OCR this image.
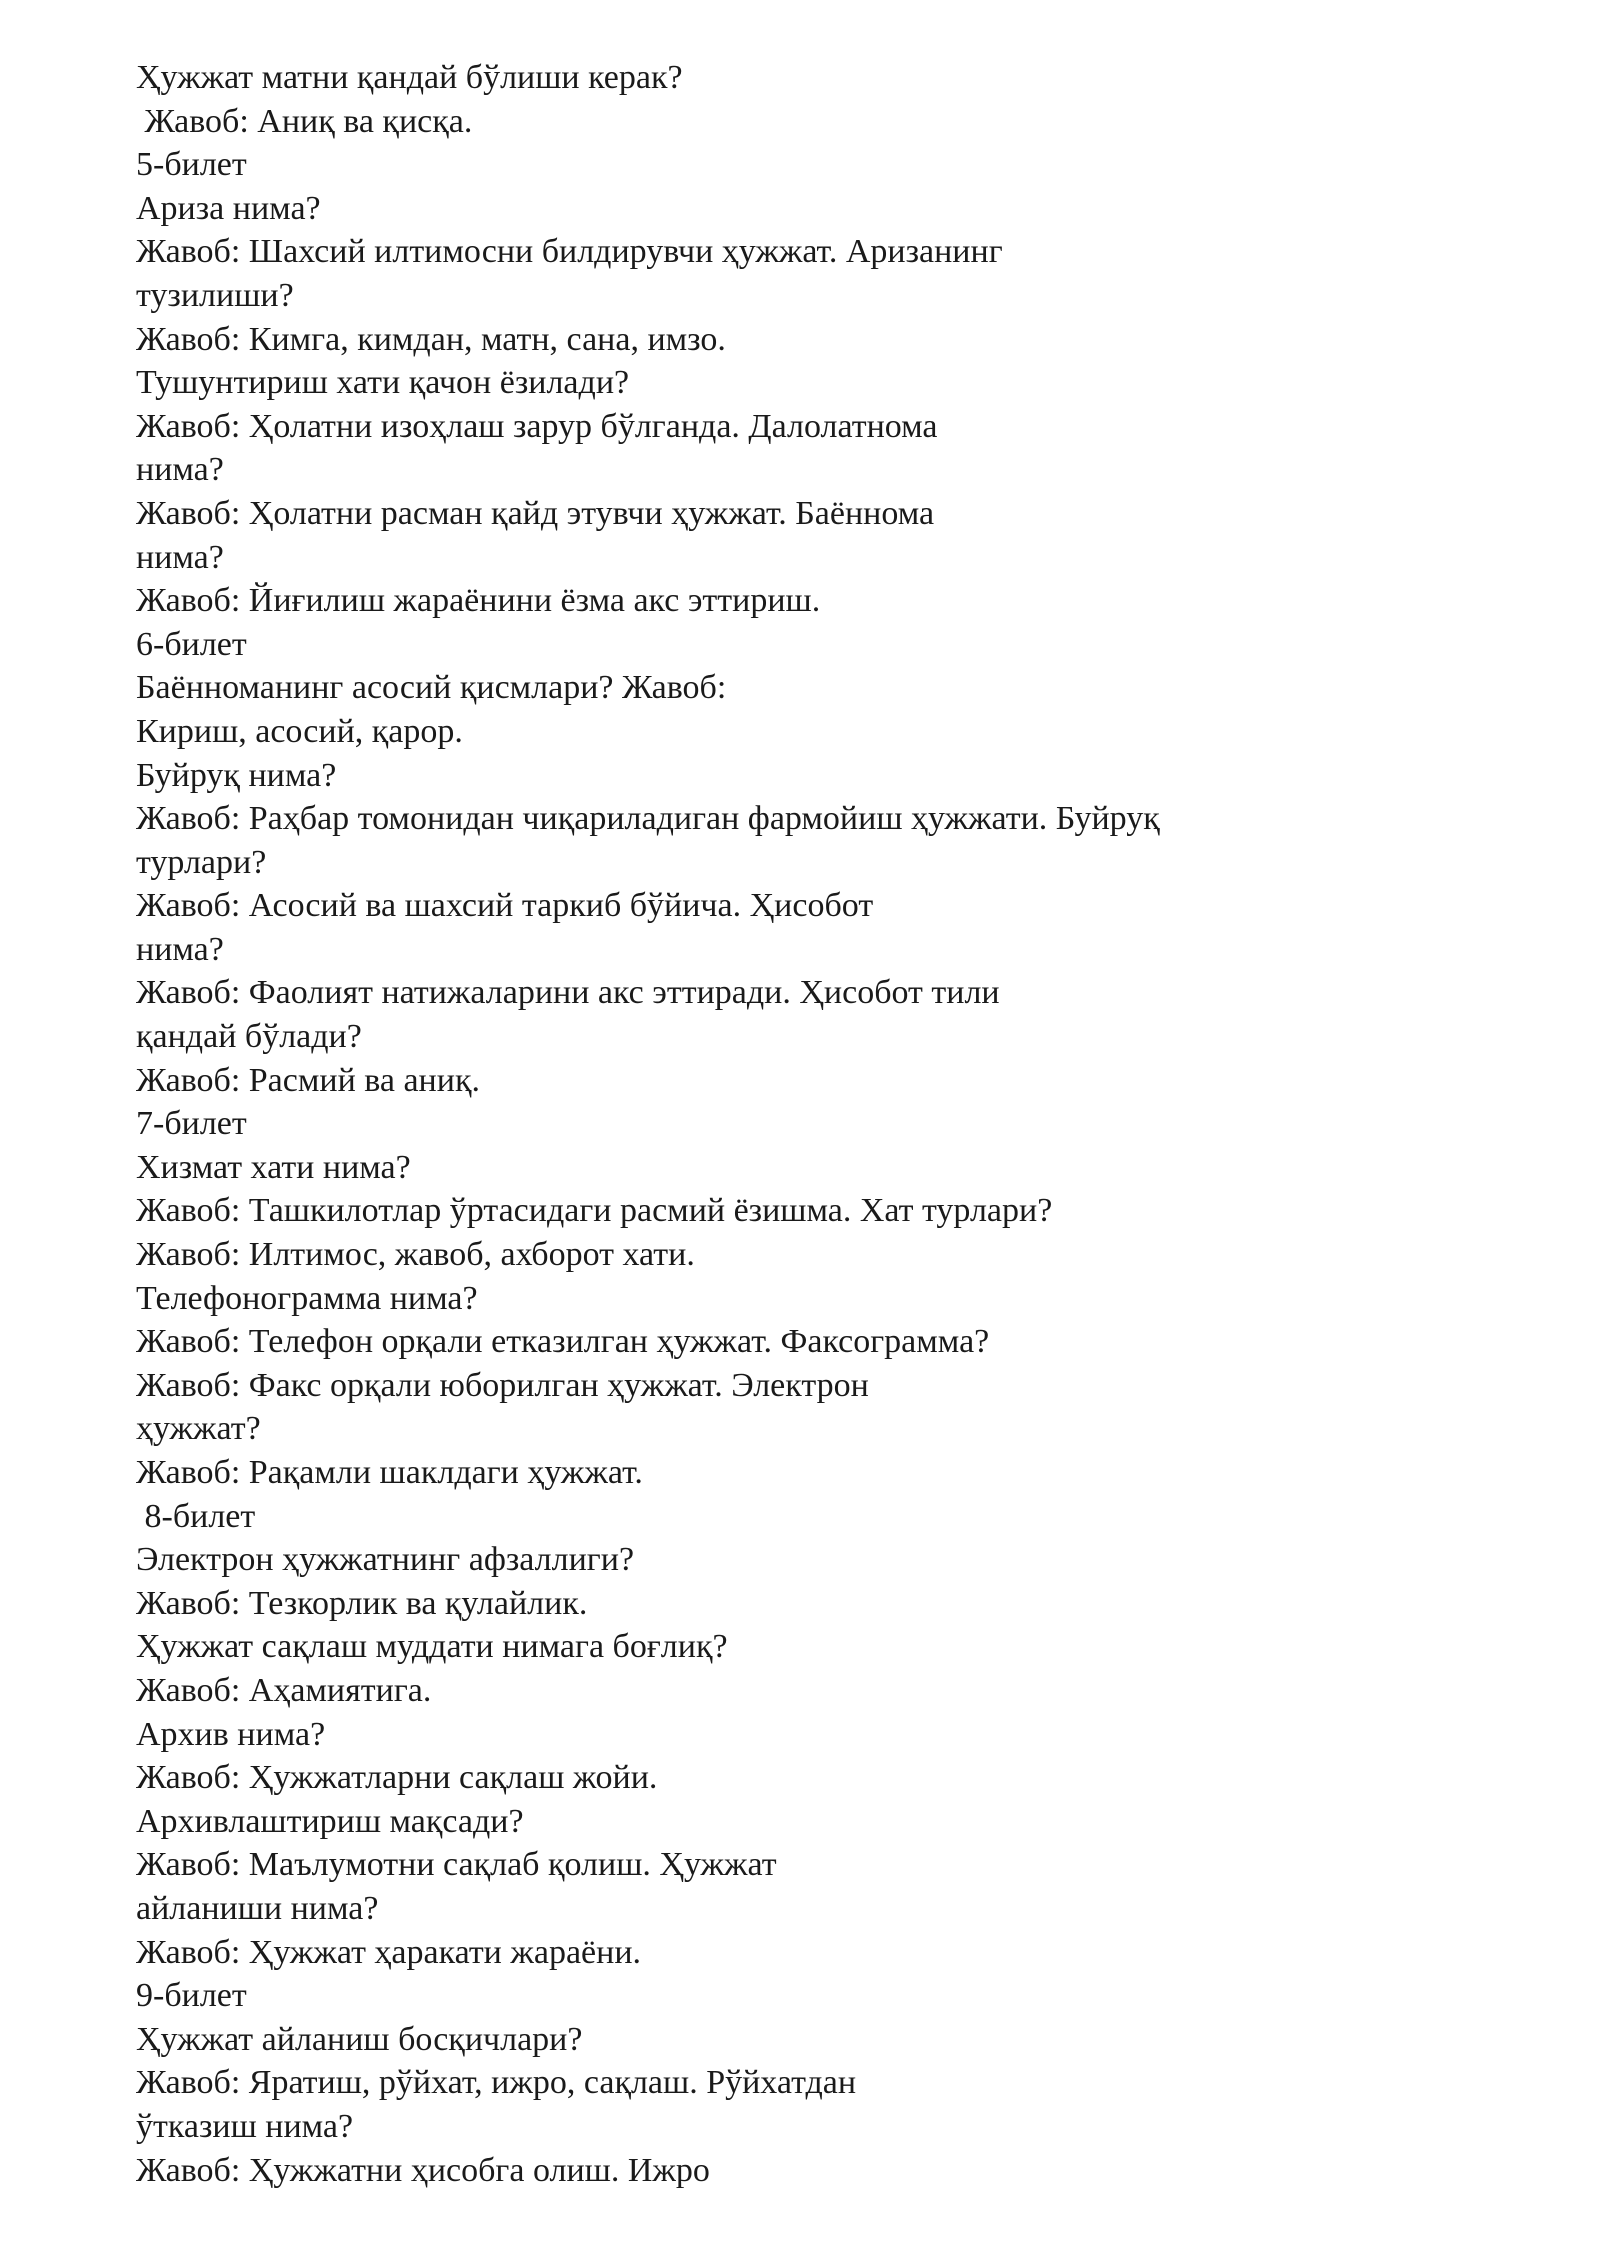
Ҳужжат матни қандай бўлиши керак?
Жавоб: Аниқ ва қисқа.
5-билет
Ариза нима?
Жавоб: Шахсий илтимосни билдирувчи ҳужжат. Аризанинг
тузилиши?
Жавоб: Кимга, кимдан, матн, сана, имзо.
Тушунтириш хати қачон ёзилади?
Жавоб: Ҳолатни изоҳлаш зарур бўлганда. Далолатнома
нима?
Жавоб: Ҳолатни расман қайд этувчи ҳужжат. Баённома
нима?
Жавоб: Йиғилиш жараёнини ёзма акс эттириш.
6-билет
Баённоманинг асосий қисмлари? Жавоб:
Кириш, асосий, қарор.
Буйруқ нима?
Жавоб: Раҳбар томонидан чиқариладиган фармойиш ҳужжати. Буйруқ
турлари?
Жавоб: Асосий ва шахсий таркиб бўйича. Ҳисобот
нима?
Жавоб: Фаолият натижаларини акс эттиради. Ҳисобот тили
қандай бўлади?
Жавоб: Расмий ва аниқ.
7-билет
Хизмат хати нима?
Жавоб: Ташкилотлар ўртасидаги расмий ёзишма. Хат турлари?
Жавоб: Илтимос, жавоб, ахборот хати.
Телефонограмма нима?
Жавоб: Телефон орқали етказилган ҳужжат. Факсограмма?
Жавоб: Факс орқали юборилган ҳужжат. Электрон
ҳужжат?
Жавоб: Рақамли шаклдаги ҳужжат.
8-билет
Электрон ҳужжатнинг афзаллиги?
Жавоб: Тезкорлик ва қулайлик.
Ҳужжат сақлаш муддати нимага боғлиқ?
Жавоб: Аҳамиятига.
Архив нима?
Жавоб: Ҳужжатларни сақлаш жойи.
Архивлаштириш мақсади?
Жавоб: Маълумотни сақлаб қолиш. Ҳужжат
айланиши нима?
Жавоб: Ҳужжат ҳаракати жараёни.
9-билет
Ҳужжат айланиш босқичлари?
Жавоб: Яратиш, рўйхат, ижро, сақлаш. Рўйхатдан
ўтказиш нима?
Жавоб: Ҳужжатни ҳисобга олиш. Ижро
